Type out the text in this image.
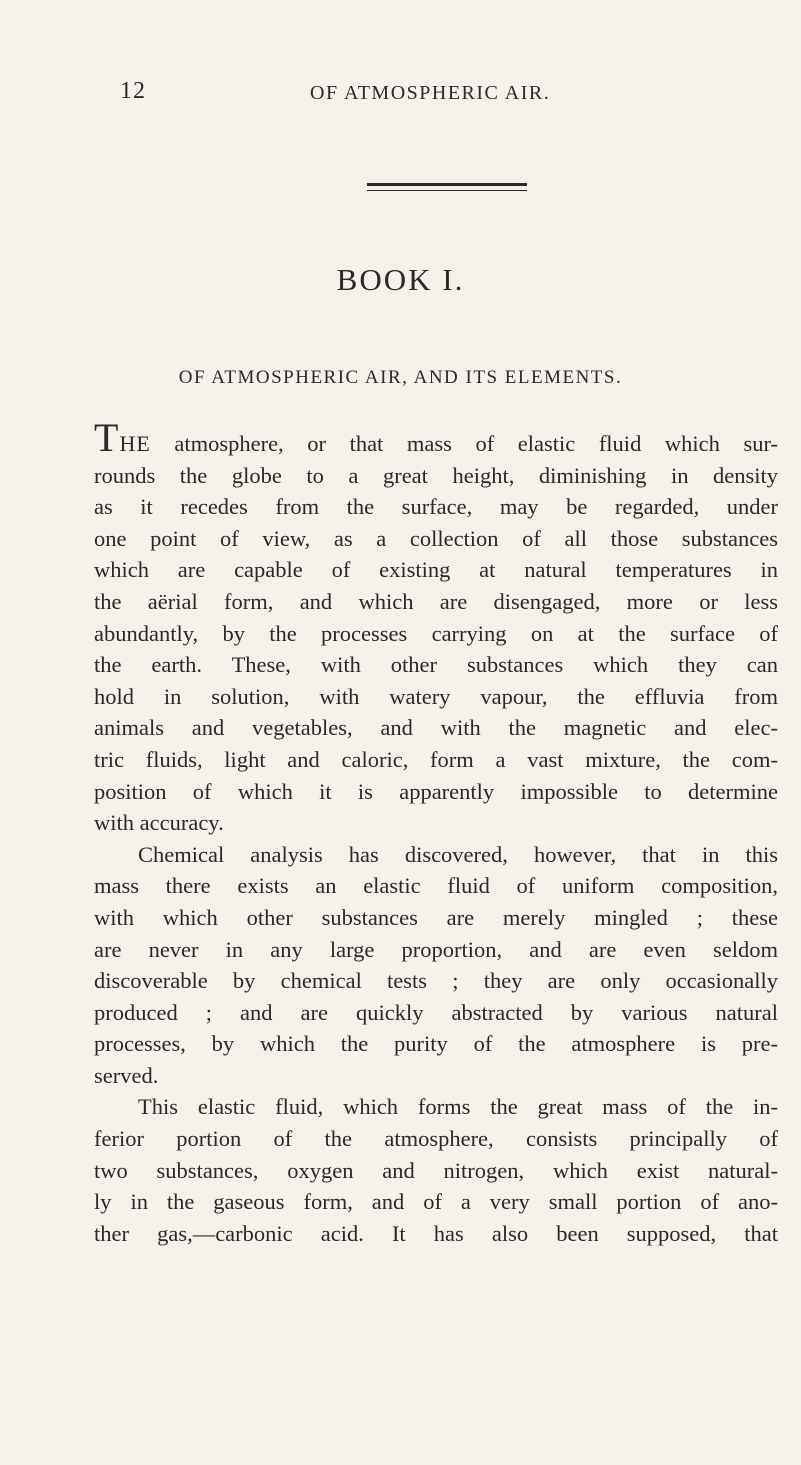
12	OF ATMOSPHERIC AIR.
BOOK I.
OF ATMOSPHERIC AIR, AND ITS ELEMENTS.
THE atmosphere, or that mass of elastic fluid which sur-
rounds the globe to a great height, diminishing in density
as it recedes from the surface, may be regarded, under
one point of view, as a collection of all those substances
which are capable of existing at natural temperatures in
the aërial form, and which are disengaged, more or less
abundantly, by the processes carrying on at the surface of
the earth. These, with other substances which they can
hold in solution, with watery vapour, the effluvia from
animals and vegetables, and with the magnetic and elec-
tric fluids, light and caloric, form a vast mixture, the com-
position of which it is apparently impossible to determine
with accuracy.
Chemical analysis has discovered, however, that in this
mass there exists an elastic fluid of uniform composition,
with which other substances are merely mingled ; these
are never in any large proportion, and are even seldom
discoverable by chemical tests ; they are only occasionally
produced ; and are quickly abstracted by various natural
processes, by which the purity of the atmosphere is pre-
served.
This elastic fluid, which forms the great mass of the in-
ferior portion of the atmosphere, consists principally of
two substances, oxygen and nitrogen, which exist natural-
ly in the gaseous form, and of a very small portion of ano-
ther gas,—carbonic acid. It has also been supposed, that
